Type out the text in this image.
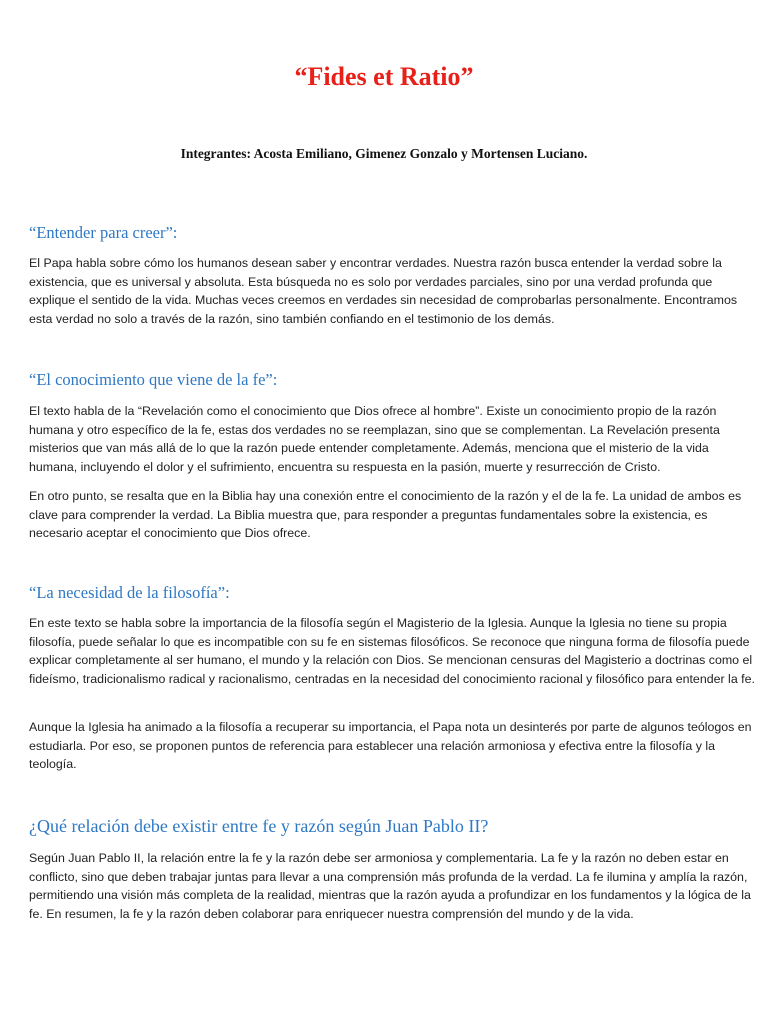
“Fides et Ratio”
Integrantes: Acosta Emiliano, Gimenez Gonzalo y Mortensen Luciano.
“Entender para creer”:
El Papa habla sobre cómo los humanos desean saber y encontrar verdades. Nuestra razón busca entender la verdad sobre la existencia, que es universal y absoluta. Esta búsqueda no es solo por verdades parciales, sino por una verdad profunda que explique el sentido de la vida. Muchas veces creemos en verdades sin necesidad de comprobarlas personalmente. Encontramos esta verdad no solo a través de la razón, sino también confiando en el testimonio de los demás.
“El conocimiento que viene de la fe”:
El texto habla de la “Revelación como el conocimiento que Dios ofrece al hombre”. Existe un conocimiento propio de la razón humana y otro específico de la fe, estas dos verdades no se reemplazan, sino que se complementan. La Revelación presenta misterios que van más allá de lo que la razón puede entender completamente. Además, menciona que el misterio de la vida humana, incluyendo el dolor y el sufrimiento, encuentra su respuesta en la pasión, muerte y resurrección de Cristo.
En otro punto, se resalta que en la Biblia hay una conexión entre el conocimiento de la razón y el de la fe. La unidad de ambos es clave para comprender la verdad. La Biblia muestra que, para responder a preguntas fundamentales sobre la existencia, es necesario aceptar el conocimiento que Dios ofrece.
“La necesidad de la filosofía”:
En este texto se habla sobre la importancia de la filosofía según el Magisterio de la Iglesia. Aunque la Iglesia no tiene su propia filosofía, puede señalar lo que es incompatible con su fe en sistemas filosóficos. Se reconoce que ninguna forma de filosofía puede explicar completamente al ser humano, el mundo y la relación con Dios. Se mencionan censuras del Magisterio a doctrinas como el fideísmo, tradicionalismo radical y racionalismo, centradas en la necesidad del conocimiento racional y filosófico para entender la fe.
Aunque la Iglesia ha animado a la filosofía a recuperar su importancia, el Papa nota un desinterés por parte de algunos teólogos en estudiarla. Por eso, se proponen puntos de referencia para establecer una relación armoniosa y efectiva entre la filosofía y la teología.
¿Qué relación debe existir entre fe y razón según Juan Pablo II?
Según Juan Pablo II, la relación entre la fe y la razón debe ser armoniosa y complementaria. La fe y la razón no deben estar en conflicto, sino que deben trabajar juntas para llevar a una comprensión más profunda de la verdad. La fe ilumina y amplía la razón, permitiendo una visión más completa de la realidad, mientras que la razón ayuda a profundizar en los fundamentos y la lógica de la fe. En resumen, la fe y la razón deben colaborar para enriquecer nuestra comprensión del mundo y de la vida.
